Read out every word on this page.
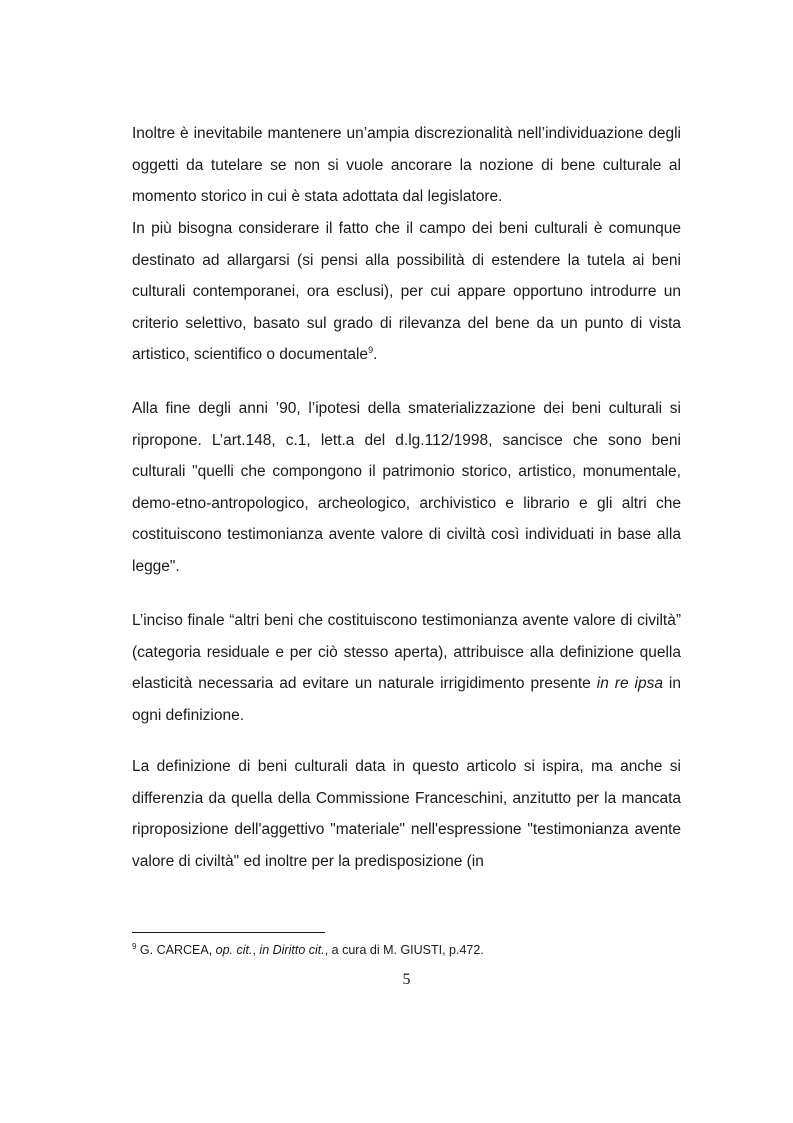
Inoltre è inevitabile mantenere un’ampia discrezionalità nell’individuazione degli oggetti da tutelare se non si vuole ancorare la nozione di bene culturale al momento storico in cui è stata adottata dal legislatore.

In più bisogna considerare il fatto che il campo dei beni culturali è comunque destinato ad allargarsi (si pensi alla possibilità di estendere la tutela ai beni culturali contemporanei, ora esclusi), per cui appare opportuno introdurre un criterio selettivo, basato sul grado di rilevanza del bene da un punto di vista artistico, scientifico o documentale$^9$.

Alla fine degli anni ’90, l’ipotesi della smaterializzazione dei beni culturali si ripropone. L’art.148, c.1, lett.a del d.lg.112/1998, sancisce che sono beni culturali "quelli che compongono il patrimonio storico, artistico, monumentale, demo-etno-antropologico, archeologico, archivistico e librario e gli altri che costituiscono testimonianza avente valore di civiltà così individuati in base alla legge".

L’inciso finale “altri beni che costituiscono testimonianza avente valore di civiltà” (categoria residuale e per ciò stesso aperta), attribuisce alla definizione quella elasticità necessaria ad evitare un naturale irrigidimento presente in re ipsa in ogni definizione.

La definizione di beni culturali data in questo articolo si ispira, ma anche si differenzia da quella della Commissione Franceschini, anzitutto per la mancata riproposizione dell'aggettivo "materiale" nell'espressione "testimonianza avente valore di civiltà" ed inoltre per la predisposizione (in

$^9$ G. CARCEA, op. cit., in Diritto cit., a cura di M. GIUSTI, p.472.

5
